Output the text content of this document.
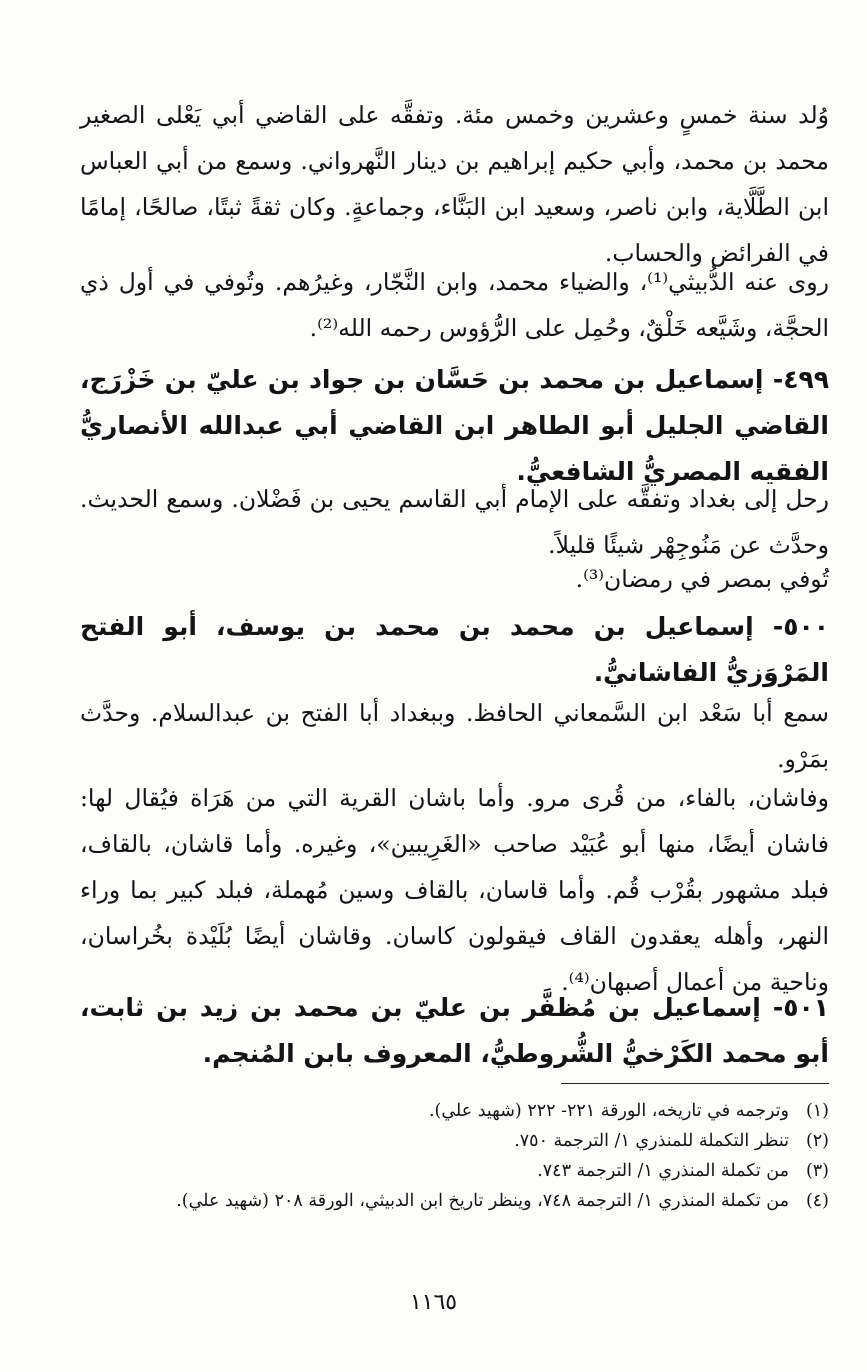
وُلد سنة خمسٍ وعشرين وخمس مئة. وتفقَّه على القاضي أبي يَعْلى الصغير محمد بن محمد، وأبي حكيم إبراهيم بن دينار النَّهرواني. وسمع من أبي العباس ابن الطَّلَّاية، وابن ناصر، وسعيد ابن البَنَّاء، وجماعةٍ. وكان ثقةً ثبتًا، صالحًا، إمامًا في الفرائض والحساب.

روى عنه الدُّبيثي⁽¹⁾، والضياء محمد، وابن النَّجّار، وغيرُهم. وتُوفي في أول ذي الحجَّة، وشَيَّعه خَلْقٌ، وحُمِل على الرُّؤوس رحمه الله⁽²⁾.

٤٩٩- إسماعيل بن محمد بن حَسَّان بن جواد بن عليّ بن خَزْرَج، القاضي الجليل أبو الطاهر ابن القاضي أبي عبدالله الأنصاريُّ الفقيه المصريُّ الشافعيُّ.

رحل إلى بغداد وتفقَّه على الإمام أبي القاسم يحيى بن فَضْلان. وسمع الحديث. وحدَّث عن مَنُوجِهْر شيئًا قليلاً.

تُوفي بمصر في رمضان⁽³⁾.

٥٠٠- إسماعيل بن محمد بن محمد بن يوسف، أبو الفتح المَرْوَزيُّ الفاشانيُّ.

سمع أبا سَعْد ابن السَّمعاني الحافظ. وببغداد أبا الفتح بن عبدالسلام. وحدَّث بمَرْو.

وفاشان، بالفاء، من قُرى مرو. وأما باشان القرية التي من هَرَاة فيُقال لها: فاشان أيضًا، منها أبو عُبَيْد صاحب «الغَرِيبين»، وغيره. وأما قاشان، بالقاف، فبلد مشهور بقُرْب قُم. وأما قاسان، بالقاف وسين مُهملة، فبلد كبير بما وراء النهر، وأهله يعقدون القاف فيقولون كاسان. وقاشان أيضًا بُلَيْدة بخُراسان، وناحية من أعمال أصبهان⁽⁴⁾.

٥٠١- إسماعيل بن مُظفَّر بن عليّ بن محمد بن زيد بن ثابت، أبو محمد الكَرْخيُّ الشُّروطيُّ، المعروف بابن المُنجم.

(١)
وترجمه في تاريخه، الورقة ٢٢١- ٢٢٢ (شهيد علي).
(٢)
تنظر التكملة للمنذري ١/ الترجمة ٧٥٠.
(٣)
من تكملة المنذري ١/ الترجمة ٧٤٣.
(٤)
من تكملة المنذري ١/ الترجمة ٧٤٨، وينظر تاريخ ابن الدبيثي، الورقة ٢٠٨ (شهيد علي).
١١٦٥
